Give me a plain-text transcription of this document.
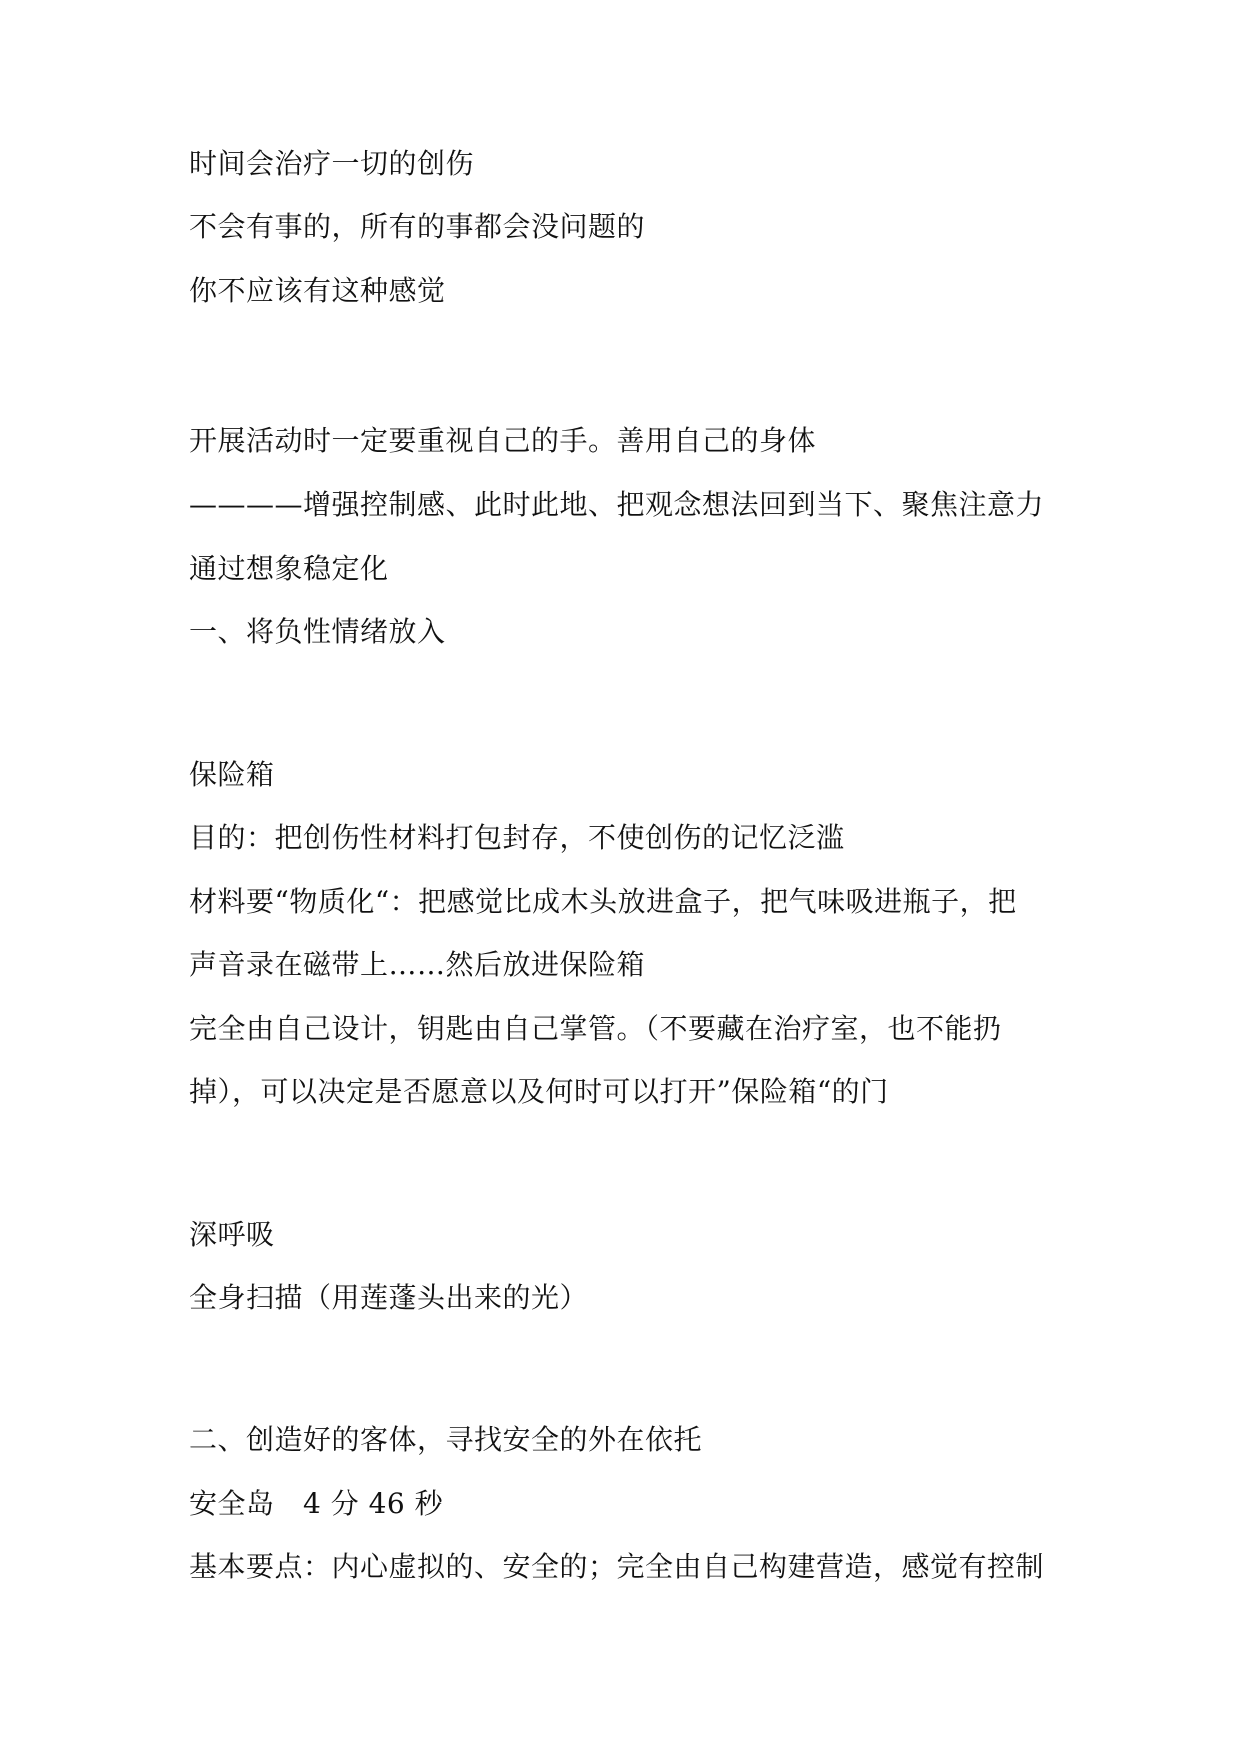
时间会治疗一切的创伤
不会有事的，所有的事都会没问题的
你不应该有这种感觉
开展活动时一定要重视自己的手。善用自己的身体
————增强控制感、此时此地、把观念想法回到当下、聚焦注意力
通过想象稳定化
一、将负性情绪放入
保险箱
目的：把创伤性材料打包封存，不使创伤的记忆泛滥
材料要“物质化“：把感觉比成木头放进盒子，把气味吸进瓶子，把
声音录在磁带上……然后放进保险箱
完全由自己设计，钥匙由自己掌管。（不要藏在治疗室，也不能扔
掉），可以决定是否愿意以及何时可以打开”保险箱“的门
深呼吸
全身扫描（用莲蓬头出来的光）
二、创造好的客体，寻找安全的外在依托
安全岛　4 分 46 秒
基本要点：内心虚拟的、安全的；完全由自己构建营造，感觉有控制
